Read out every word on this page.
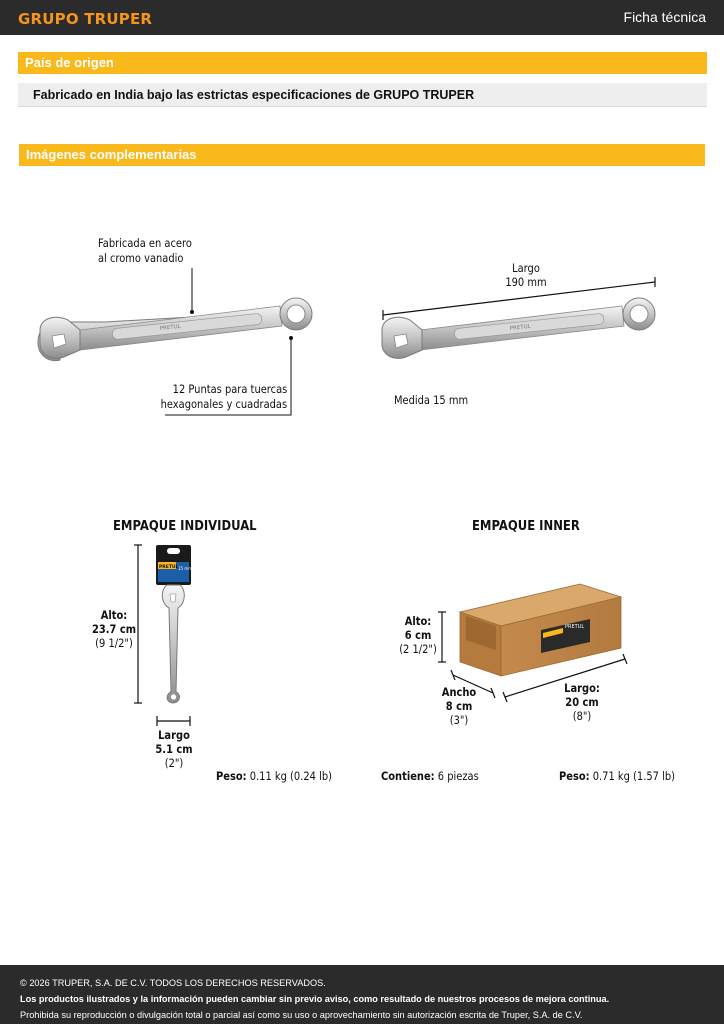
GRUPO TRUPER	Ficha técnica
País de origen
Fabricado en India bajo las estrictas especificaciones de GRUPO TRUPER
Imágenes complementarias
PRETUL	PRETUL
PRETUL 15 mm
PRETUL
Fabricada en acero
al cromo vanadio
12 Puntas para tuercas
hexagonales y cuadradas
Largo
190 mm
Medida 15 mm
EMPAQUE INDIVIDUAL
Alto:
23.7 cm
(9 1/2")
Largo
5.1 cm
(2")
Peso: 0.11 kg (0.24 lb)
EMPAQUE INNER
Alto:
6 cm
(2 1/2")
Ancho
8 cm
(3")
Largo:
20 cm
(8")
Contiene: 6 piezas	Peso: 0.71 kg (1.57 lb)
© 2026 TRUPER, S.A. DE C.V. TODOS LOS DERECHOS RESERVADOS.
Los productos ilustrados y la información pueden cambiar sin previo aviso, como resultado de nuestros procesos de mejora continua.
Prohibida su reproducción o divulgación total o parcial así como su uso o aprovechamiento sin autorización escrita de Truper, S.A. de C.V.
